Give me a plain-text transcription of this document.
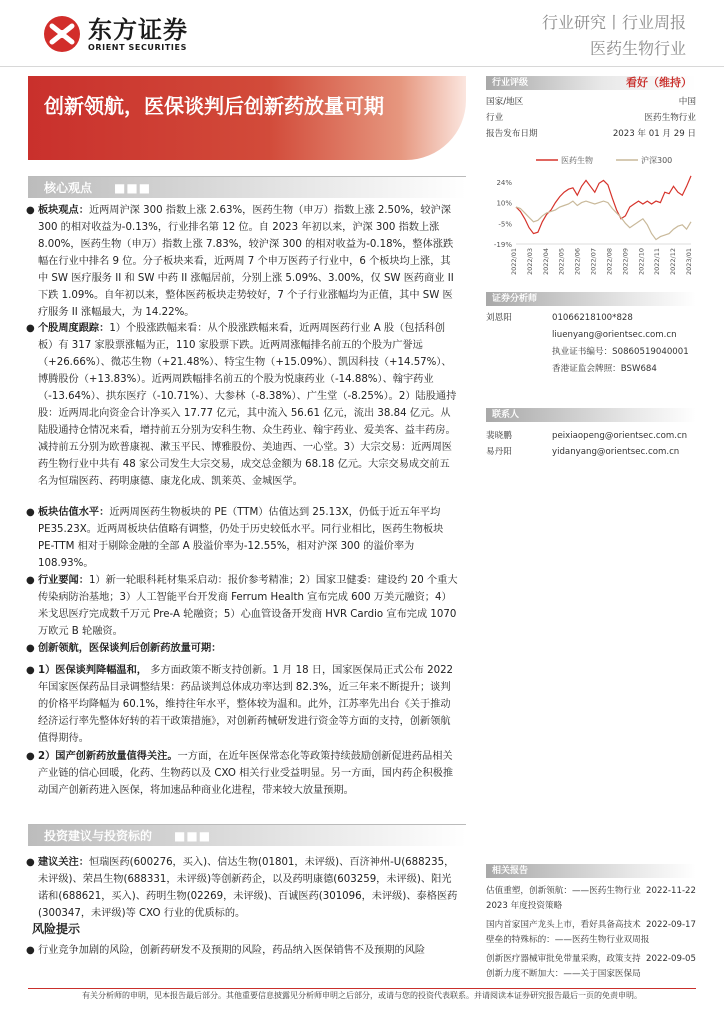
东方证券
ORIENT SECURITIES
行业研究丨行业周报
医药生物行业
创新领航，医保谈判后创新药放量可期
行业评级	看好（维持）
国家/地区	中国
行业	医药生物行业
报告发布日期	2023 年 01 月 29 日
医药生物	沪深300
24%
10%
-5%
-19%
2022/01 2022/03 2022/04 2022/05 2022/06 2022/07 2022/08 2022/09 2022/10 2022/11 2022/12 2023/01
证券分析师
刘恩阳	01066218100*828
liuenyang@orientsec.com.cn
执业证书编号：S0860519040001
香港证监会牌照：BSW684
联系人
裴晓鹏	peixiaopeng@orientsec.com.cn
易丹阳	yidanyang@orientsec.com.cn
相关报告
估值重塑，创新领航：——医药生物行业 2022-11-22
2023 年度投资策略
国内首家国产龙头上市，看好具备高技术 2022-09-17
壁垒的特殊标的：——医药生物行业双周报
创新医疗器械审批免带量采购，政策支持 2022-09-05
创新力度不断加大：——关于国家医保局
核心观点 ■■■
● 板块观点：近两周沪深 300 指数上涨 2.63%，医药生物（申万）指数上涨 2.50%，较沪深 300 的相对收益为-0.13%，行业排名第 12 位。自 2023 年初以来，沪深 300 指数上涨 8.00%，医药生物（申万）指数上涨 7.83%，较沪深 300 的相对收益为-0.18%，整体涨跌幅在行业中排名 9 位。分子板块来看，近两周 7 个申万医药子行业中，6 个板块均上涨，其中 SW 医疗服务 II 和 SW 中药 II 涨幅居前，分别上涨 5.09%、3.00%，仅 SW 医药商业 II 下跌 1.09%。自年初以来，整体医药板块走势较好，7 个子行业涨幅均为正值，其中 SW 医疗服务 II 涨幅最大，为 14.22%。
● 个股周度跟踪：1）个股涨跌幅来看：从个股涨跌幅来看，近两周医药行业 A 股（包括科创板）有 317 家股票涨幅为正，110 家股票下跌。近两周涨幅排名前五的个股为广誉远（+26.66%）、微芯生物（+21.48%）、特宝生物（+15.09%）、凯因科技（+14.57%）、博腾股份（+13.83%）。近两周跌幅排名前五的个股为悦康药业（-14.88%）、翰宇药业（-13.64%）、拱东医疗（-10.71%）、大参林（-8.38%）、广生堂（-8.25%）。2）陆股通持股：近两周北向资金合计净买入 17.77 亿元，其中流入 56.61 亿元，流出 38.84 亿元。从陆股通持仓情况来看，增持前五分别为安科生物、众生药业、翰宇药业、爱美客、益丰药房。减持前五分别为欧普康视、漱玉平民、博雅股份、美迪西、一心堂。3）大宗交易：近两周医药生物行业中共有 48 家公司发生大宗交易，成交总金额为 68.18 亿元。大宗交易成交前五名为恒瑞医药、药明康德、康龙化成、凯莱英、金城医学。
● 板块估值水平：近两周医药生物板块的 PE（TTM）估值达到 25.13X，仍低于近五年平均 PE35.23X。近两周板块估值略有调整，仍处于历史较低水平。同行业相比，医药生物板块 PE-TTM 相对于剔除金融的全部 A 股溢价率为-12.55%，相对沪深 300 的溢价率为 108.93%。
● 行业要闻：1）新一轮眼科耗材集采启动：报价参考精准；2）国家卫健委：建设约 20 个重大传染病防治基地；3）人工智能平台开发商 Ferrum Health 宣布完成 600 万美元融资；4）米戈思医疗完成数千万元 Pre-A 轮融资；5）心血管设备开发商 HVR Cardio 宣布完成 1070 万欧元 B 轮融资。
● 创新领航，医保谈判后创新药放量可期：
● 1）医保谈判降幅温和， 多方面政策不断支持创新。1 月 18 日，国家医保局正式公布 2022 年国家医保药品目录调整结果：药品谈判总体成功率达到 82.3%，近三年来不断提升；谈判的价格平均降幅为 60.1%，维持往年水平，整体较为温和。此外，江苏率先出台《关于推动经济运行率先整体好转的若干政策措施》，对创新药械研发进行资金等方面的支持，创新领航值得期待。
● 2）国产创新药放量值得关注。一方面，在近年医保常态化等政策持续鼓励创新促进药品相关产业链的信心回暖，化药、生物药以及 CXO 相关行业受益明显。另一方面，国内药企积极推动国产创新药进入医保，将加速品种商业化进程，带来较大放量预期。
投资建议与投资标的 ■■■
● 建议关注：恒瑞医药(600276，买入)、信达生物(01801，未评级)、百济神州-U(688235，未评级)、荣昌生物(688331，未评级)等创新药企，以及药明康德(603259，未评级)、阳光诺和(688621，买入)、药明生物(02269，未评级)、百诚医药(301096，未评级)、泰格医药(300347，未评级)等 CXO 行业的优质标的。
风险提示
● 行业竞争加剧的风险，创新药研发不及预期的风险，药品纳入医保销售不及预期的风险
有关分析师的申明，见本报告最后部分。其他重要信息披露见分析师申明之后部分，或请与您的投资代表联系。并请阅读本证券研究报告最后一页的免责申明。
